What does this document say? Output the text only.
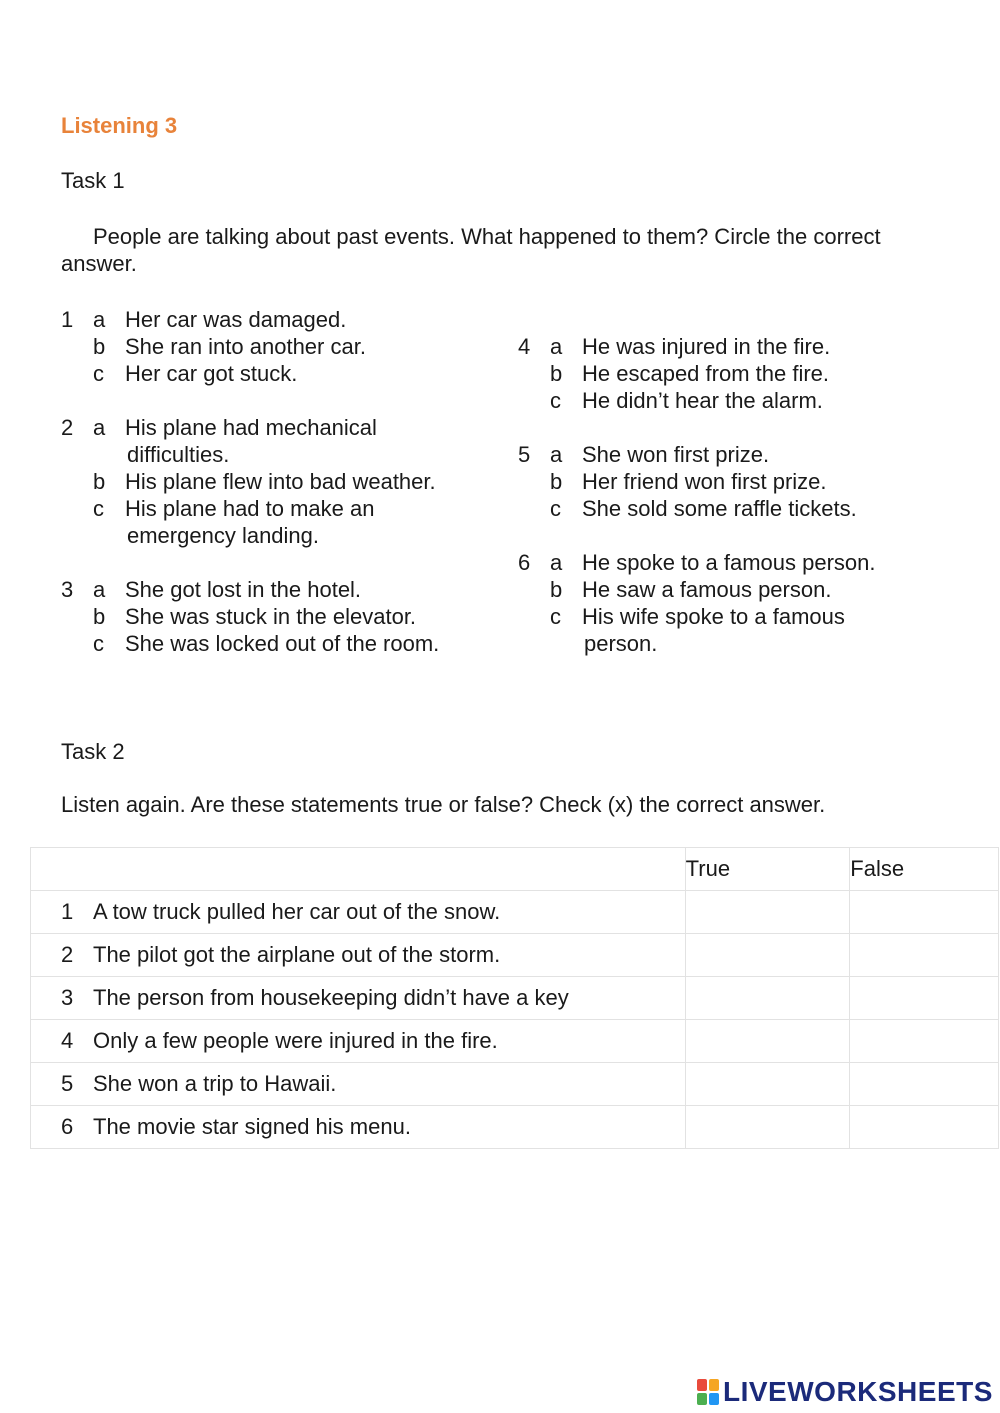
Listening 3
Task 1
People are talking about past events. What happened to them? Circle the correct answer.
1 a Her car was damaged.
b She ran into another car.
c Her car got stuck.
2 a His plane had mechanical
difficulties.
b His plane flew into bad weather.
c His plane had to make an
emergency landing.
3 a She got lost in the hotel.
b She was stuck in the elevator.
c She was locked out of the room.
4 a He was injured in the fire.
b He escaped from the fire.
c He didn’t hear the alarm.
5 a She won first prize.
b Her friend won first prize.
c She sold some raffle tickets.
6 a He spoke to a famous person.
b He saw a famous person.
c His wife spoke to a famous
person.
Task 2
Listen again. Are these statements true or false? Check (x) the correct answer.
	True	False
1 A tow truck pulled her car out of the snow.		
2 The pilot got the airplane out of the storm.		
3 The person from housekeeping didn’t have a key		
4 Only a few people were injured in the fire.		
5 She won a trip to Hawaii.		
6 The movie star signed his menu.		
LIVEWORKSHEETS
